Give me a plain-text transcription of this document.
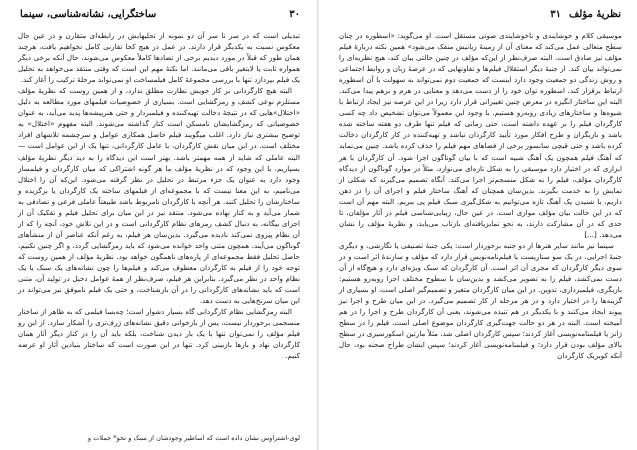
۳۰
ساختگرایی، نشانه‌شناسی، سینما

تبدیلی است که در سر تا سر آن دو نمونه از تجلیهایش در رابطه‌ای متقارن و در عین حال معکوس نسبت به یکدیگر قرار دارند. در عمل در هیچ کجا تقارنی کامل نخواهیم یافت، هرچند همان طور که قبلاً در مورد دیدیم برخی از تضادها کاملاً معکوس می‌شوند، حال آنکه برخی دیگر همواره ثابت یا لایتغیر باقی می‌مانند. اما نکتهٔ مهم این است که وقتی منتقد می‌خواهد به تحلیل یک فیلم بپردازد تنها با بررسی مجموعهٔ کامل فیلمساخت او نمی‌تواند مرحلهٔ ترکیب را آغاز کند.

البته هیچ کارگردانی بر کار خویش نظارت مطلق ندارد، و از همین روست که نظریهٔ مؤلف مستلزم نوعی کشف و رمزگشایی است. بسیاری از خصوصیات فیلمهای مورد مطالعه به دلیل «اختلال»هایی که در نتیجهٔ دخالت تهیه‌کننده و فیلمبردار و حتی هنرپیشه‌ها پدید می‌آید، به عنوان خصوصیاتی که رمزگشایشان نامسکن است کنار گذاشته می‌شوند. البته مفهوم «اختلال» به توضیح بیشتری نیاز دارد. اغلب میگویند فیلم حاصل همکاری عوامل و سرچشمه تلاشهای افراد مختلف است. در این میان نقش کارگردان، یا عامل کارگردانی، تنها یک از این عوامل است — البته عاملی که شاید از همه مهمتر باشد. بهتر است این دیدگاه را به دید دیگر نظریهٔ مؤلف بسپاریم، با این وجود که در نظریهٔ مؤلف ما هر گونه اشتراکی که میان کارگردان و فیلمساز وجود دارد به عنوان یک جزء مرتبط در تحلیل در نظر گرفته می‌شود. این‌که آن را اختلال می‌نامیم، به این معنا نیست که با مجموعه‌ای از فیلمهای ساخته یک کارگردان یا برگزیده و ساختارشان را تحلیل کنند. هر آنچه با کارگردان نامربوط باشد طبیعتاً عاملی فرعی و تصادفی به شمار می‌آید و به کنار نهاده می‌شود. منتقد نیز در این میان برای تحلیل فیلم و تفکیک آن از اجزای بیگانه، به دنبال کشف رمزهای نظام کارگردانی است و در این تلاش خود، آنچه را که از آن نظام پیروی نمی‌کند نادیده می‌گیرد. بدین‌سان هر فیلم، به رغم آنکه عناصر آن از منشأهای گوناگون می‌آیند، همچون متنی واحد خوانده می‌شود که باید رمزگشایی گردد، و اگر چنین نکنیم، حاصل تحلیل فقط مجموعه‌ای از پاره‌های ناهمگون خواهد بود. نظریهٔ مؤلف از همین روست که توجه خود را از فیلم به کارگردان معطوف می‌کند و فیلم‌ها را چون نشانه‌های یک سبک یا یک نظام واحد در نظر می‌گیرد. بنابراین هر فیلم، صرف‌نظر از همهٔ عوامل دخیل در تولید آن، متنی است که باید نشانه‌های کارگردانی را در آن بازشناخت، و حتی یک فیلم ناموفق نیز می‌تواند در این میان سرنخ‌هایی به دست دهد.

البته رمزگشایی نظام کارگردانی گاه بسیار دشوار است؛ چه‌بسا فیلمی که به ظاهر از ساختار منسجمی برخوردار نیست، پس از بازخوانی دقیق نشانه‌های ژرف‌تری را آشکار سازد. از این رو فیلم مؤلف را نمی‌توان تنها با یک بار دیدن شناخت، بلکه باید آن را در کنار دیگر آثار همان کارگردان نهاد و بارها بازبینی کرد. تنها در این صورت است که ساختار بنیادین آثار او عرضه کنیم.

لوی-اشتراوس نشان داده است که اساطیر وجودشان از سبک و نحو* جملات و
نظریهٔ مؤلف
۳۱

موسیقی کلام و خوشایندی و ناخوشایندی صوتی مستقل است. او می‌گوید: «اسطوره در چنان سطح متعالی عمل می‌کند که معنای آن از زمینهٔ زبانیش منفک می‌شود» همین نکته دربارهٔ فیلم مؤلف نیز صادق است. البته صرف‌نظر از این‌که مؤلف در چنین حالتی بیان کند، هیچ نظریه‌ای را نمی‌تواند بیان کند. از جنبهٔ دیگر استقلال فیلم‌ها و تفاوتهایی که در عرصهٔ زبان و روابط اجتماعی و روش زندگی دو جمعیت وجود دارد اینست که جمعیت دوم نمی‌تواند به سهولت با آن اسطوره ارتباط برقرار کند، اسطوره توان خود را از دست می‌دهد و معنایی در هرم و برهم پیدا می‌کند. البته این ساختار انگیزه در معرض چنین تغییراتی قرار دارد زیرا در این عرصه نیز ایجاد ارتباط با شیوه‌ها و ساختارهای زیادی روبه‌رو هستیم. با وجود این معمولاً می‌توان تشخیص داد چه کسی کارگردان فیلم را بر عهده داشته است، حتی زمانی که فیلم تنها طرف دو هفته ساخته شده باشد و بازیگران و طرح افکار مورد تأیید کارگردان نباشد و تهیه‌کننده در کار کارگردان دخالت کرده باشد و حتی قیچی سانسور برخی از فضاهای مهم فیلم را حذف کرده باشد. چنین می‌نماید که آهنگ فیلم همچون یک آهنگ شبیه است که با بیان گوناگون اجرا شود. آن کارگردان با هر ابزاری که در اختیار دارد موسیقی را به شکل تازه‌ای می‌نوازد. مثلاً در موارد گوناگون از دیدگاه کارگردان مؤلف، فیلم را به شکل منسجم‌تر اجرا می‌کند. آنگاه تصمیم می‌گیرند که شکلی از نمایش را به خدمت بگیرند. بدین‌سان همچنان که آهنگ ساختار فیلم و اجرای آن را در ذهن داریم، با شنیدن یک آهنگ تازه می‌توانیم به شکل‌گیری سبک فیلم پی ببریم. البته مهم آن است که در این حالت بیان مؤلف موازی است. در عین حال، زیبایی‌شناسی فیلم در آثار مؤلفان، تا حدی که در آن مشارکت دارند، به نحو تمایزیافته‌ای بازتاب می‌یابد، و نظریهٔ مؤلف را نشان می‌دهد. [...]

سینما نیز مانند سایر هنرها از دو جنبه برخوردار است: یکی جنبهٔ تصنیفی یا نگارشی، و دیگری جنبهٔ اجرایی. در یک سو سناریست یا فیلم‌نامه‌نویس قرار دارد که مؤلف و سازندهٔ اثر است و در سوی دیگر کارگردان که مجری آن اثر است. آن کارگردان که سبک ویژه‌ای دارد و هیچ‌گاه از آن دست نمی‌کشد، فیلم را به تصویر می‌کشد و بدین‌سان با سطوح مختلف اجرا روبه‌رو هستیم: بازیگری، فیلمبرداری، تدوین. در این میان کارگردان متغیر و تصمیم‌گیر اصلی است، او بسیاری از گزینه‌ها را در اختیار دارد و در هر مرحله از کار تصمیم می‌گیرد. در این میان طرح و اجرا نیز پیوند ایجاد می‌کنند و با یکدیگر در هم تنیده می‌شوند، یعنی آن کارگردان طرح و اجرا را در هم آمیخته است. البته در هر دو حالت جهت‌گیری کارگردان موضوع اصلی است. فیلم را در سطح ژانر یا فیلمنامه‌نویسی آغاز کردند؛ سپس کارگردان اصلی شد، مثلاً مارتین اسکورسیزی در سطح بالای مؤلف بودن قرار دارد؛ و فیلمنامه‌نویسی آغاز کردند؛ سپس ایشان طراح صحنه بود، حال آنکه کوبریک کارگردان
